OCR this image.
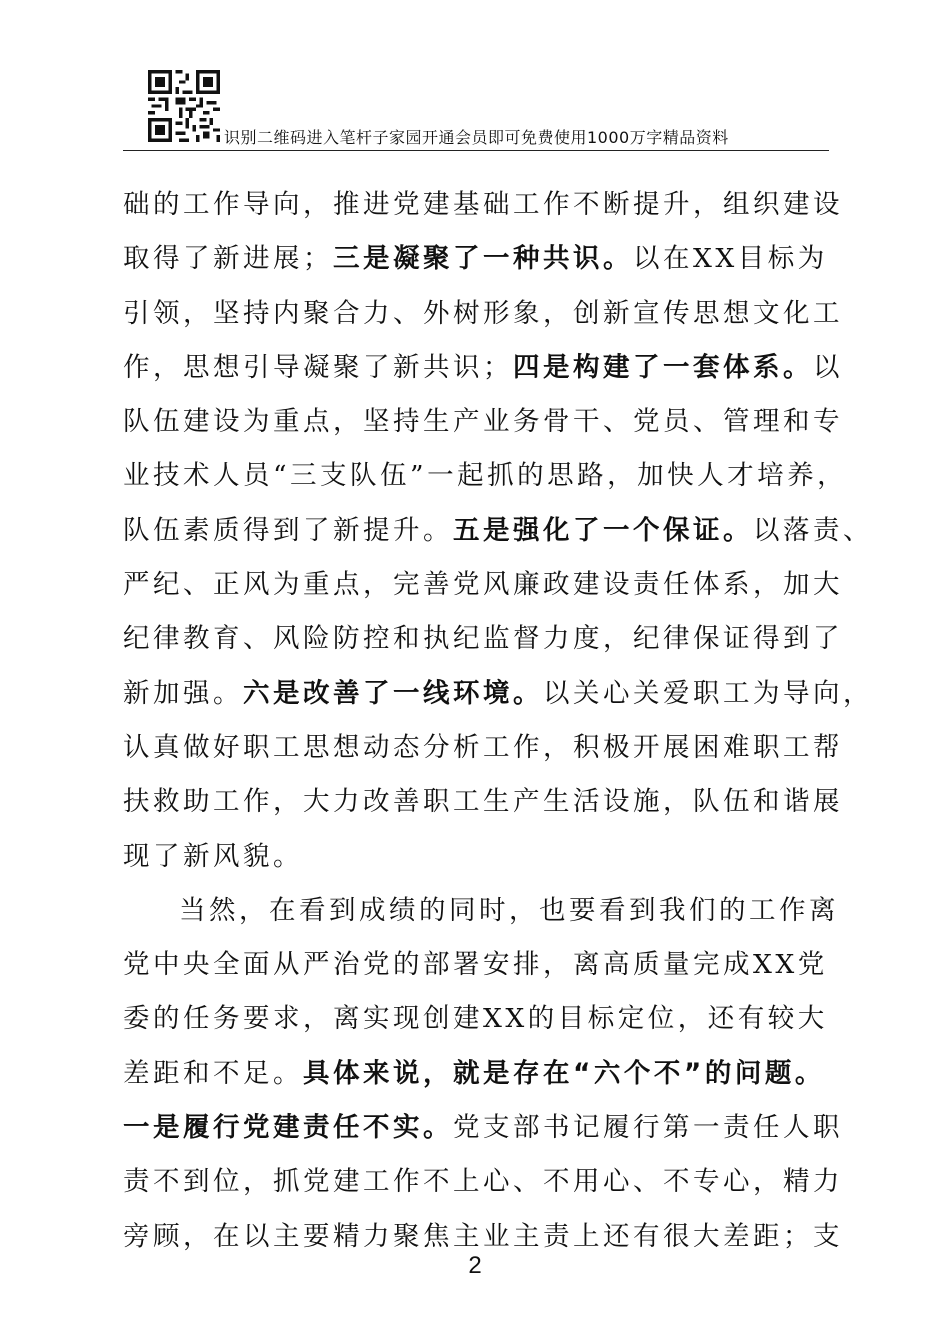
识别二维码进入笔杆子家园开通会员即可免费使用1000万字精品资料
础的工作导向，推进党建基础工作不断提升，组织建设
取得了新进展；三是凝聚了一种共识。以在XX目标为
引领，坚持内聚合力、外树形象，创新宣传思想文化工
作，思想引导凝聚了新共识；四是构建了一套体系。以
队伍建设为重点，坚持生产业务骨干、党员、管理和专
业技术人员“三支队伍”一起抓的思路，加快人才培养，
队伍素质得到了新提升。五是强化了一个保证。以落责、
严纪、正风为重点，完善党风廉政建设责任体系，加大
纪律教育、风险防控和执纪监督力度，纪律保证得到了
新加强。六是改善了一线环境。以关心关爱职工为导向，
认真做好职工思想动态分析工作，积极开展困难职工帮
扶救助工作，大力改善职工生产生活设施，队伍和谐展
现了新风貌。
当然，在看到成绩的同时，也要看到我们的工作离
党中央全面从严治党的部署安排，离高质量完成XX党
委的任务要求，离实现创建XX的目标定位，还有较大
差距和不足。具体来说，就是存在“六个不”的问题。
一是履行党建责任不实。党支部书记履行第一责任人职
责不到位，抓党建工作不上心、不用心、不专心，精力
旁顾，在以主要精力聚焦主业主责上还有很大差距；支
2
